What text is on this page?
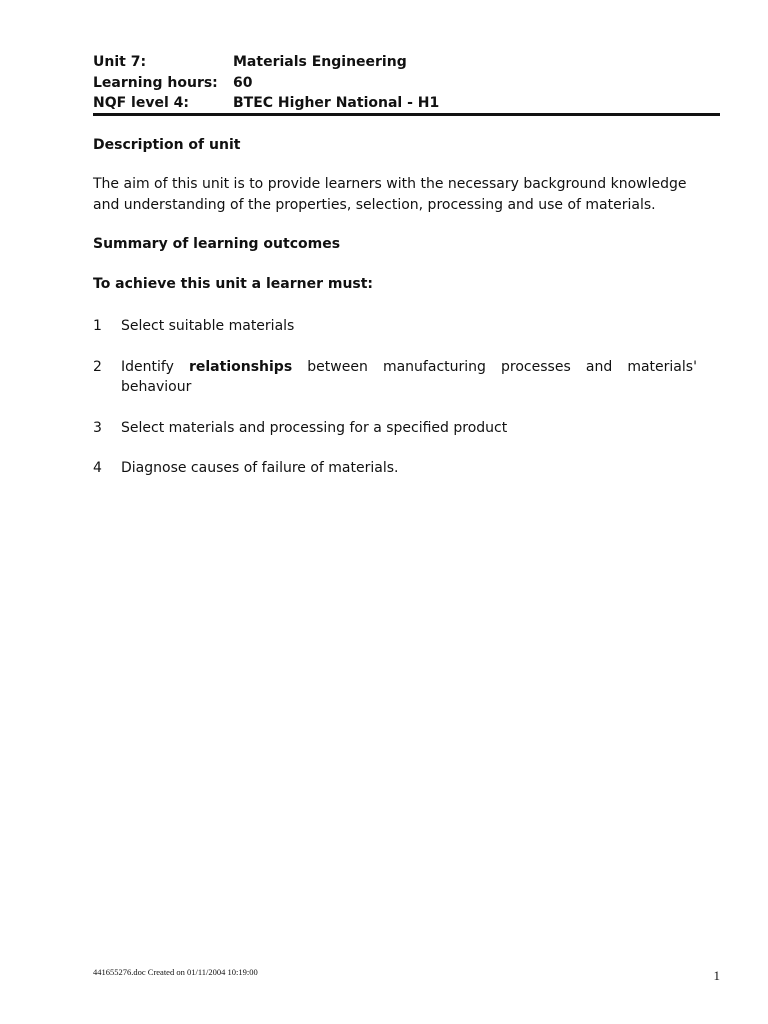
Unit 7:	Materials Engineering
Learning hours:	60
NQF level 4:	BTEC Higher National - H1
Description of unit
The aim of this unit is to provide learners with the necessary background knowledge
and understanding of the properties, selection, processing and use of materials.
Summary of learning outcomes
To achieve this unit a learner must:
1	Select suitable materials
2	Identify relationships between manufacturing processes and materials'
behaviour
3	Select materials and processing for a specified product
4	Diagnose causes of failure of materials.
441655276.doc Created on 01/11/2004 10:19:00	1
